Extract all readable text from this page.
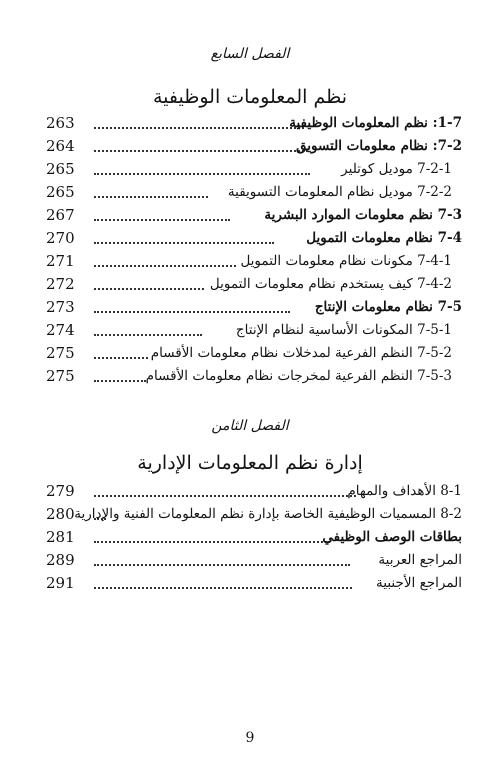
الفصل السابع
نظم المعلومات الوظيفية
263	1-7: نظم المعلومات الوظيفية
264	7-2: نظام معلومات التسويق
265	7-2-1 موديل كوتلير
265	7-2-2 موديل نظام المعلومات التسويقية
267	7-3 نظم معلومات الموارد البشرية
270	7-4 نظام معلومات التمويل
271	7-4-1 مكونات نظام معلومات التمويل
272	7-4-2 كيف يستخدم نظام معلومات التمويل
273	7-5 نظام معلومات الإنتاج
274	7-5-1 المكونات الأساسية لنظام الإنتاج
275	7-5-2 النظم الفرعية لمدخلات نظام معلومات الأقسام
275	7-5-3 النظم الفرعية لمخرجات نظام معلومات الأقسام
الفصل الثامن
إدارة نظم المعلومات الإدارية
279	8-1 الأهداف والمهام
280 8-2 المسميات الوظيفية الخاصة بإدارة نظم المعلومات الفنية والإدارية
281	بطاقات الوصف الوظيفي
289	المراجع العربية
291	المراجع الأجنبية
9
